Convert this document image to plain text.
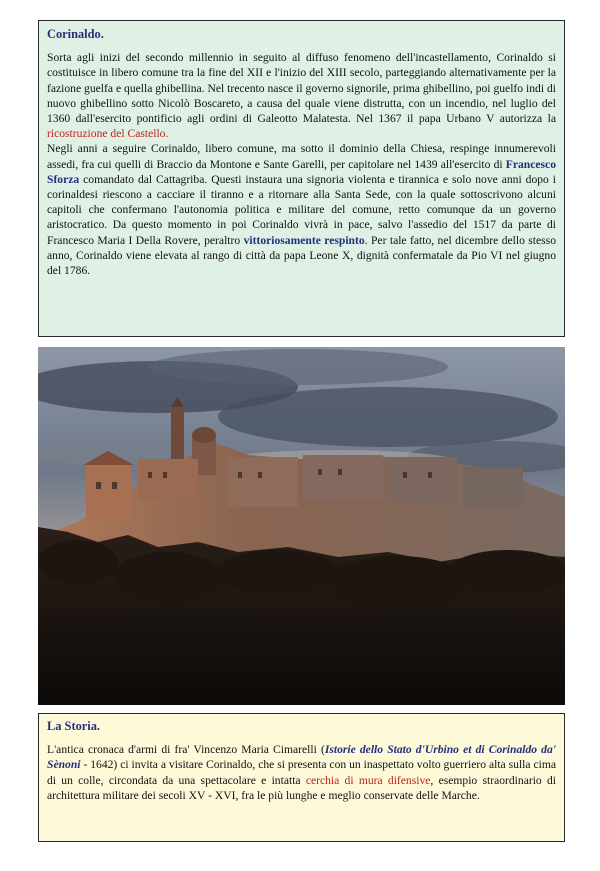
Corinaldo.

Sorta agli inizi del secondo millennio in seguito al diffuso fenomeno dell'incastellamento, Corinaldo si costituisce in libero comune tra la fine del XII e l'inizio del XIII secolo, parteggiando alternativamente per la fazione guelfa e quella ghibellina. Nel trecento nasce il governo signorile, prima ghibellino, poi guelfo indi di nuovo ghibellino sotto Nicolò Boscareto, a causa del quale viene distrutta, con un incendio, nel luglio del 1360 dall'esercito pontificio agli ordini di Galeotto Malatesta. Nel 1367 il papa Urbano V autorizza la ricostruzione del Castello.

Negli anni a seguire Corinaldo, libero comune, ma sotto il dominio della Chiesa, respinge innumerevoli assedi, fra cui quelli di Braccio da Montone e Sante Garelli, per capitolare nel 1439 all'esercito di Francesco Sforza comandato dal Cattagriba. Questi instaura una signoria violenta e tirannica e solo nove anni dopo i corinaldesi riescono a cacciare il tiranno e a ritornare alla Santa Sede, con la quale sottoscrivono alcuni capitoli che confermano l'autonomia politica e militare del comune, retto comunque da un governo aristocratico. Da questo momento in poi Corinaldo vivrà in pace, salvo l'assedio del 1517 da parte di Francesco Maria I Della Rovere, peraltro vittoriosamente respinto. Per tale fatto, nel dicembre dello stesso anno, Corinaldo viene elevata al rango di città da papa Leone X, dignità confermatale da Pio VI nel giugno del 1786.

La Storia.

L'antica cronaca d'armi di fra' Vincenzo Maria Cimarelli (Istorie dello Stato d'Urbino et di Corinaldo da' Sènoni - 1642) ci invita a visitare Corinaldo, che si presenta con un inaspettato volto guerriero alta sulla cima di un colle, circondata da una spettacolare e intatta cerchia di mura difensive, esempio straordinario di architettura militare dei secoli XV - XVI, fra le più lunghe e meglio conservate delle Marche.
